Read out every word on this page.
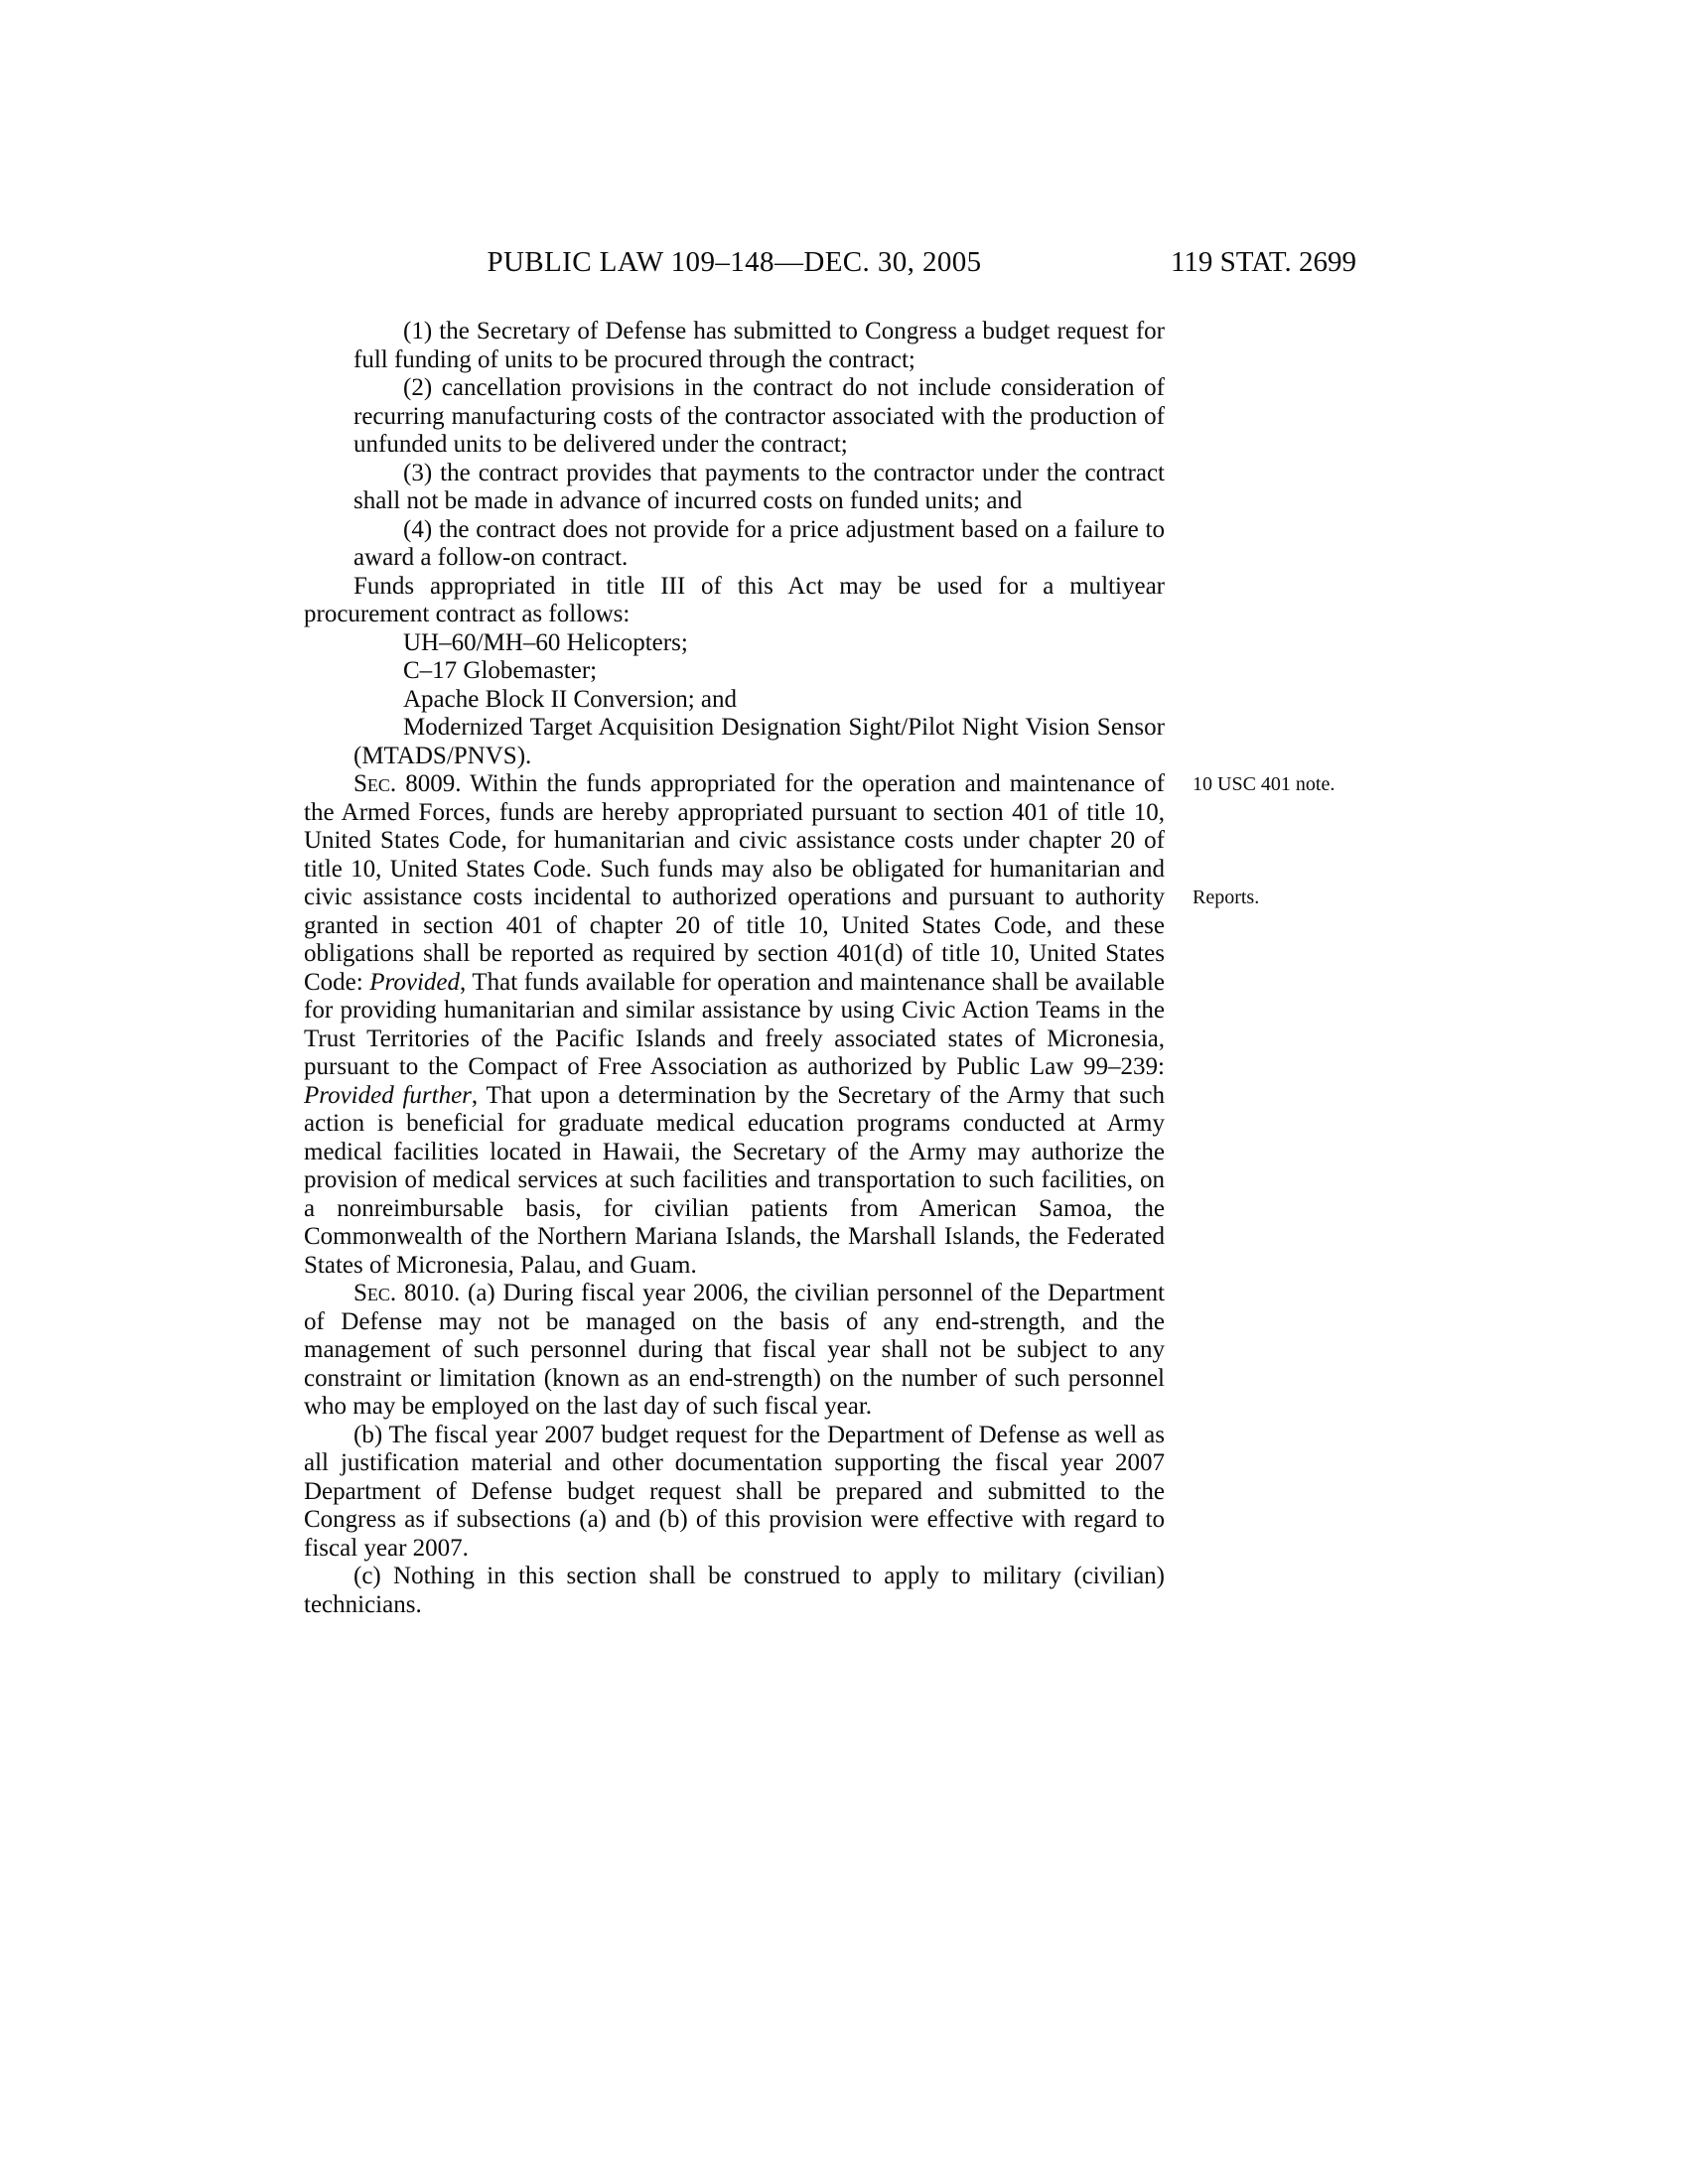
PUBLIC LAW 109–148—DEC. 30, 2005	119 STAT. 2699

(1) the Secretary of Defense has submitted to Congress a budget request for full funding of units to be procured through the contract;

(2) cancellation provisions in the contract do not include consideration of recurring manufacturing costs of the contractor associated with the production of unfunded units to be delivered under the contract;

(3) the contract provides that payments to the contractor under the contract shall not be made in advance of incurred costs on funded units; and

(4) the contract does not provide for a price adjustment based on a failure to award a follow-on contract.

Funds appropriated in title III of this Act may be used for a multiyear procurement contract as follows:

UH–60/MH–60 Helicopters;

C–17 Globemaster;

Apache Block II Conversion; and

Modernized Target Acquisition Designation Sight/Pilot Night Vision Sensor (MTADS/PNVS).

Sec. 8009. Within the funds appropriated for the operation and maintenance of the Armed Forces, funds are hereby appropriated pursuant to section 401 of title 10, United States Code, for humanitarian and civic assistance costs under chapter 20 of title 10, United States Code. Such funds may also be obligated for humanitarian and civic assistance costs incidental to authorized operations and pursuant to authority granted in section 401 of chapter 20 of title 10, United States Code, and these obligations shall be reported as required by section 401(d) of title 10, United States Code: Provided, That funds available for operation and maintenance shall be available for providing humanitarian and similar assistance by using Civic Action Teams in the Trust Territories of the Pacific Islands and freely associated states of Micronesia, pursuant to the Compact of Free Association as authorized by Public Law 99–239: Provided further, That upon a determination by the Secretary of the Army that such action is beneficial for graduate medical education programs conducted at Army medical facilities located in Hawaii, the Secretary of the Army may authorize the provision of medical services at such facilities and transportation to such facilities, on a nonreimbursable basis, for civilian patients from American Samoa, the Commonwealth of the Northern Mariana Islands, the Marshall Islands, the Federated States of Micronesia, Palau, and Guam.

Sec. 8010. (a) During fiscal year 2006, the civilian personnel of the Department of Defense may not be managed on the basis of any end-strength, and the management of such personnel during that fiscal year shall not be subject to any constraint or limitation (known as an end-strength) on the number of such personnel who may be employed on the last day of such fiscal year.

(b) The fiscal year 2007 budget request for the Department of Defense as well as all justification material and other documentation supporting the fiscal year 2007 Department of Defense budget request shall be prepared and submitted to the Congress as if subsections (a) and (b) of this provision were effective with regard to fiscal year 2007.

(c) Nothing in this section shall be construed to apply to military (civilian) technicians.

10 USC 401 note.
Reports.
